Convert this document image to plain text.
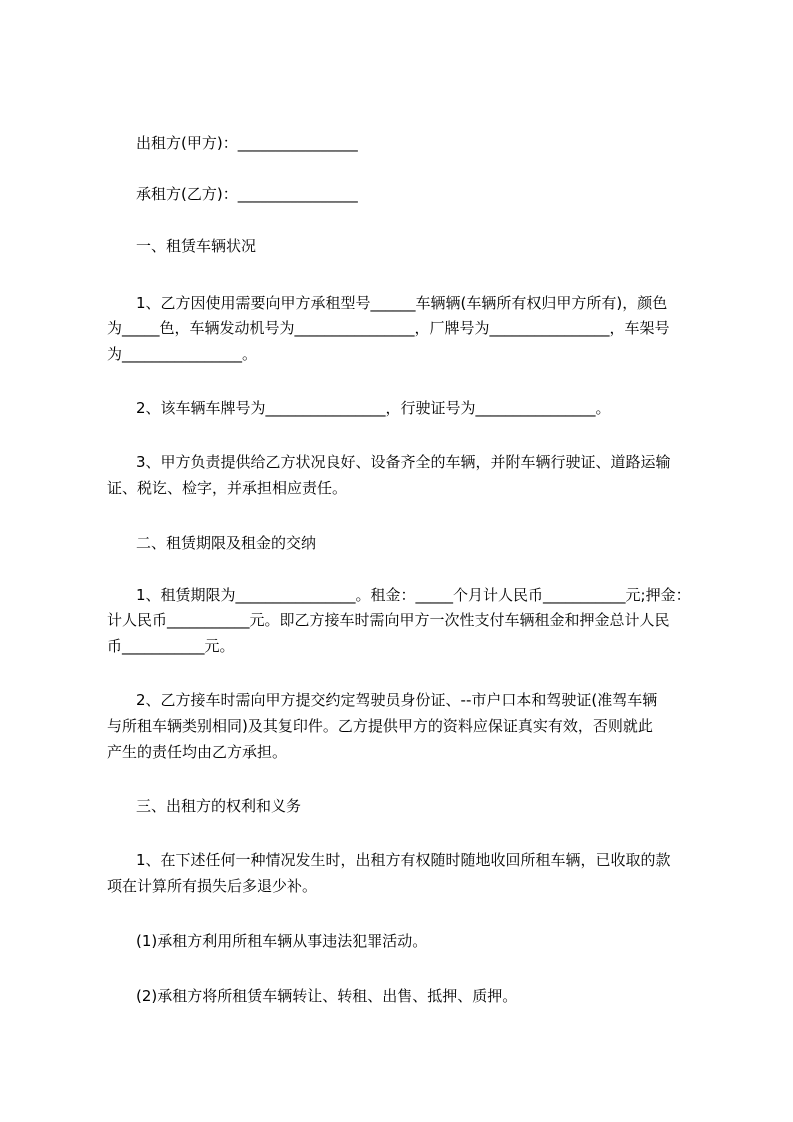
出租方(甲方)：________________

承租方(乙方)：________________

一、租赁车辆状况

1、乙方因使用需要向甲方承租型号______车辆辆(车辆所有权归甲方所有)，颜色

为_____色，车辆发动机号为________________，厂牌号为________________，车架号

为________________。

2、该车辆车牌号为________________，行驶证号为________________。

3、甲方负责提供给乙方状况良好、设备齐全的车辆，并附车辆行驶证、道路运输

证、税讫、检字，并承担相应责任。

二、租赁期限及租金的交纳

1、租赁期限为________________。租金：_____个月计人民币___________元;押金：

计人民币___________元。即乙方接车时需向甲方一次性支付车辆租金和押金总计人民

币___________元。

2、乙方接车时需向甲方提交约定驾驶员身份证、--市户口本和驾驶证(准驾车辆

与所租车辆类别相同)及其复印件。乙方提供甲方的资料应保证真实有效，否则就此

产生的责任均由乙方承担。

三、出租方的权利和义务

1、在下述任何一种情况发生时，出租方有权随时随地收回所租车辆，已收取的款

项在计算所有损失后多退少补。

(1)承租方利用所租车辆从事违法犯罪活动。

(2)承租方将所租赁车辆转让、转租、出售、抵押、质押。
